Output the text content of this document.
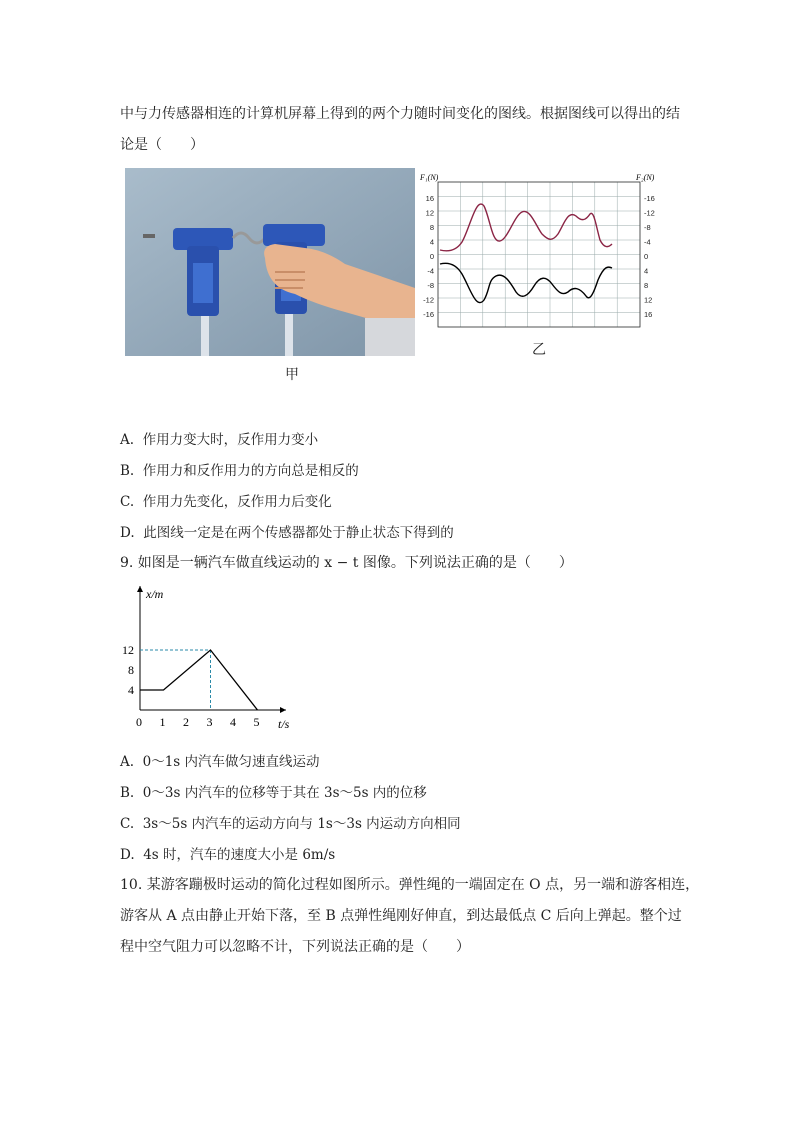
中与力传感器相连的计算机屏幕上得到的两个力随时间变化的图线。根据图线可以得出的结
论是（　　）
甲
F₁(N)	F₂(N)
16
12
8
4
0
-4
-8
-12
-16
-16
-12
-8
-4
0
4
8
12
16
乙
A.  作用力变大时，反作用力变小
B.  作用力和反作用力的方向总是相反的
C.  作用力先变化，反作用力后变化
D.  此图线一定是在两个传感器都处于静止状态下得到的
9. 如图是一辆汽车做直线运动的 x − t 图像。下列说法正确的是（　　）
x/m
t/s
0 1 2 3 4 5
12
8
4
A.  0～1s 内汽车做匀速直线运动
B.  0～3s 内汽车的位移等于其在 3s～5s 内的位移
C.  3s～5s 内汽车的运动方向与 1s～3s 内运动方向相同
D.  4s 时，汽车的速度大小是 6m/s
10. 某游客蹦极时运动的简化过程如图所示。弹性绳的一端固定在 O 点，另一端和游客相连，
游客从 A 点由静止开始下落，至 B 点弹性绳刚好伸直，到达最低点 C 后向上弹起。整个过
程中空气阻力可以忽略不计，下列说法正确的是（　　）
